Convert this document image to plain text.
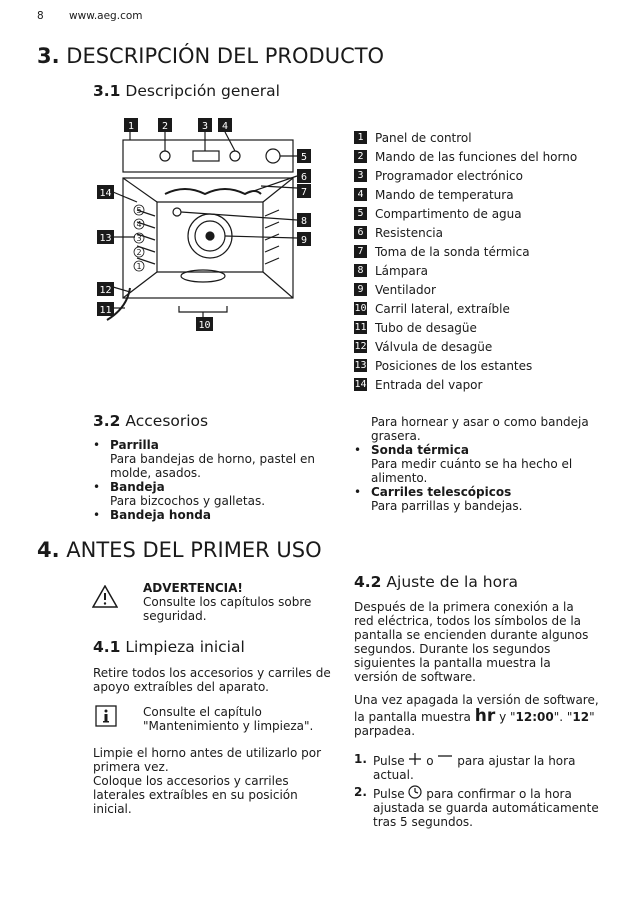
8 www.aeg.com
3. DESCRIPCIÓN DEL PRODUCTO
3.1 Descripción general
5
4
3
2
1
1	2	3 4
5
6
7
8
9
10
11
12
13
14
1 Panel de control
2 Mando de las funciones del horno
3 Programador electrónico
4 Mando de temperatura
5 Compartimento de agua
6 Resistencia
7 Toma de la sonda térmica
8 Lámpara
9 Ventilador
10 Carril lateral, extraíble
11 Tubo de desagüe
12 Válvula de desagüe
13 Posiciones de los estantes
14 Entrada del vapor
3.2 Accesorios
• Parrilla
Para bandejas de horno, pastel en molde, asados.
• Bandeja
Para bizcochos y galletas.
• Bandeja honda
Para hornear y asar o como bandeja grasera.
• Sonda térmica
Para medir cuánto se ha hecho el alimento.
• Carriles telescópicos
Para parrillas y bandejas.
4. ANTES DEL PRIMER USO
ADVERTENCIA!
Consulte los capítulos sobre seguridad.
4.1 Limpieza inicial
Retire todos los accesorios y carriles de apoyo extraíbles del aparato.
Consulte el capítulo "Mantenimiento y limpieza".
Limpie el horno antes de utilizarlo por primera vez.
Coloque los accesorios y carriles laterales extraíbles en su posición inicial.
4.2 Ajuste de la hora
Después de la primera conexión a la red eléctrica, todos los símbolos de la pantalla se encienden durante algunos segundos. Durante los segundos siguientes la pantalla muestra la versión de software.
Una vez apagada la versión de software,
la pantalla muestra hr y "12:00". "12"
parpadea.
1. Pulse o para ajustar la hora
actual.
2. Pulse para confirmar o la hora ajustada se guarda automáticamente tras 5 segundos.
